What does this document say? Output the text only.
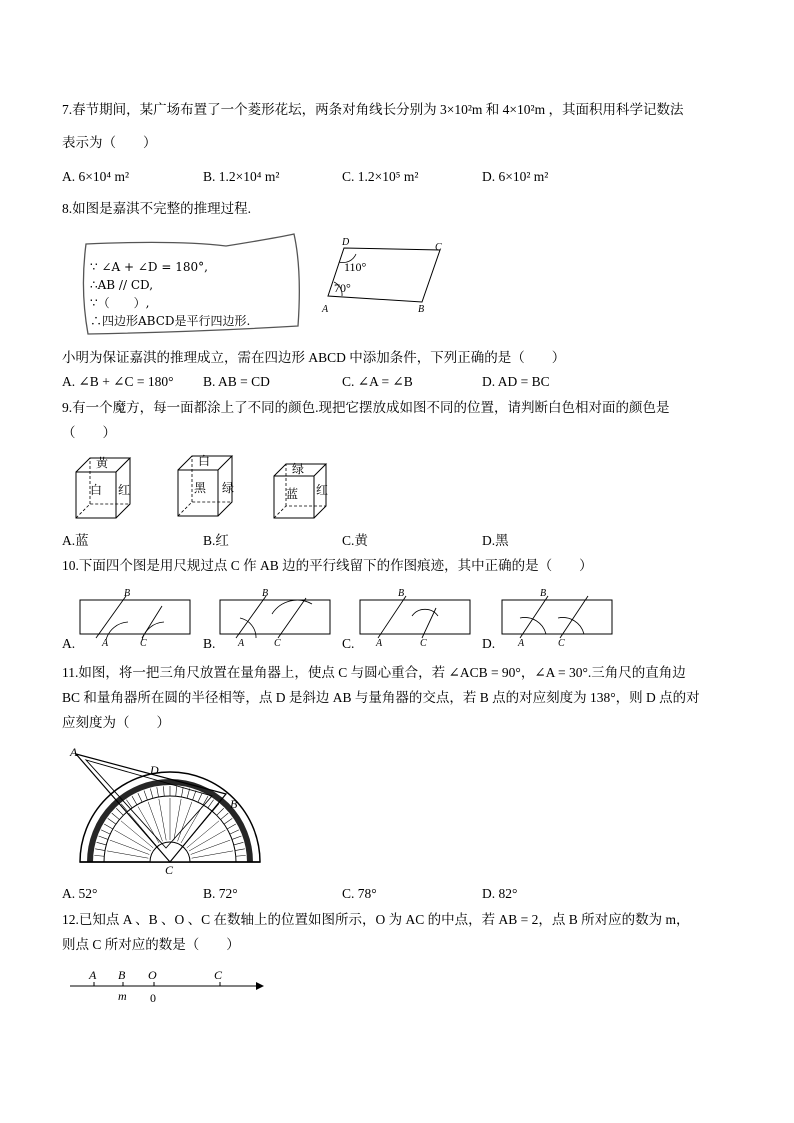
7.春节期间，某广场布置了一个菱形花坛，两条对角线长分别为 3×10²m 和 4×10²m ，其面积用科学记数法
表示为（　　）
A. 6×10⁴ m²	B. 1.2×10⁴ m²	C. 1.2×10⁵ m²	D. 6×10² m²
8.如图是嘉淇不完整的推理过程.
∵ ∠A + ∠D = 180°,
∴AB // CD,
∵（　　）,
∴四边形ABCD是平行四边形.
D	C
A	B
110°
70°
小明为保证嘉淇的推理成立，需在四边形 ABCD 中添加条件，下列正确的是（　　）
A. ∠B + ∠C = 180° B. AB = CD	C. ∠A = ∠B	D. AD = BC
9.有一个魔方，每一面都涂上了不同的颜色.现把它摆放成如图不同的位置，请判断白色相对面的颜色是
（　　）
黄
白 红
白
黑 绿
绿
蓝 红
A.蓝	B.红	C.黄	D.黑
10.下面四个图是用尺规过点 C 作 AB 边的平行线留下的作图痕迹，其中正确的是（　　）
A.
B
A	C	B.
B
A	C	C.
B
A	C	D.
B
A	C
11.如图，将一把三角尺放置在量角器上，使点 C 与圆心重合，若 ∠ACB = 90°，∠A = 30°.三角尺的直角边
BC 和量角器所在圆的半径相等，点 D 是斜边 AB 与量角器的交点，若 B 点的对应刻度为 138°，则 D 点的对
应刻度为（　　）
A
D
B
C
A. 52°	B. 72°	C. 78°	D. 82°
12.已知点 A 、B 、O 、C 在数轴上的位置如图所示，O 为 AC 的中点，若 AB = 2，点 B 所对应的数为 m，
则点 C 所对应的数是（　　）
A B O	C
m 0
